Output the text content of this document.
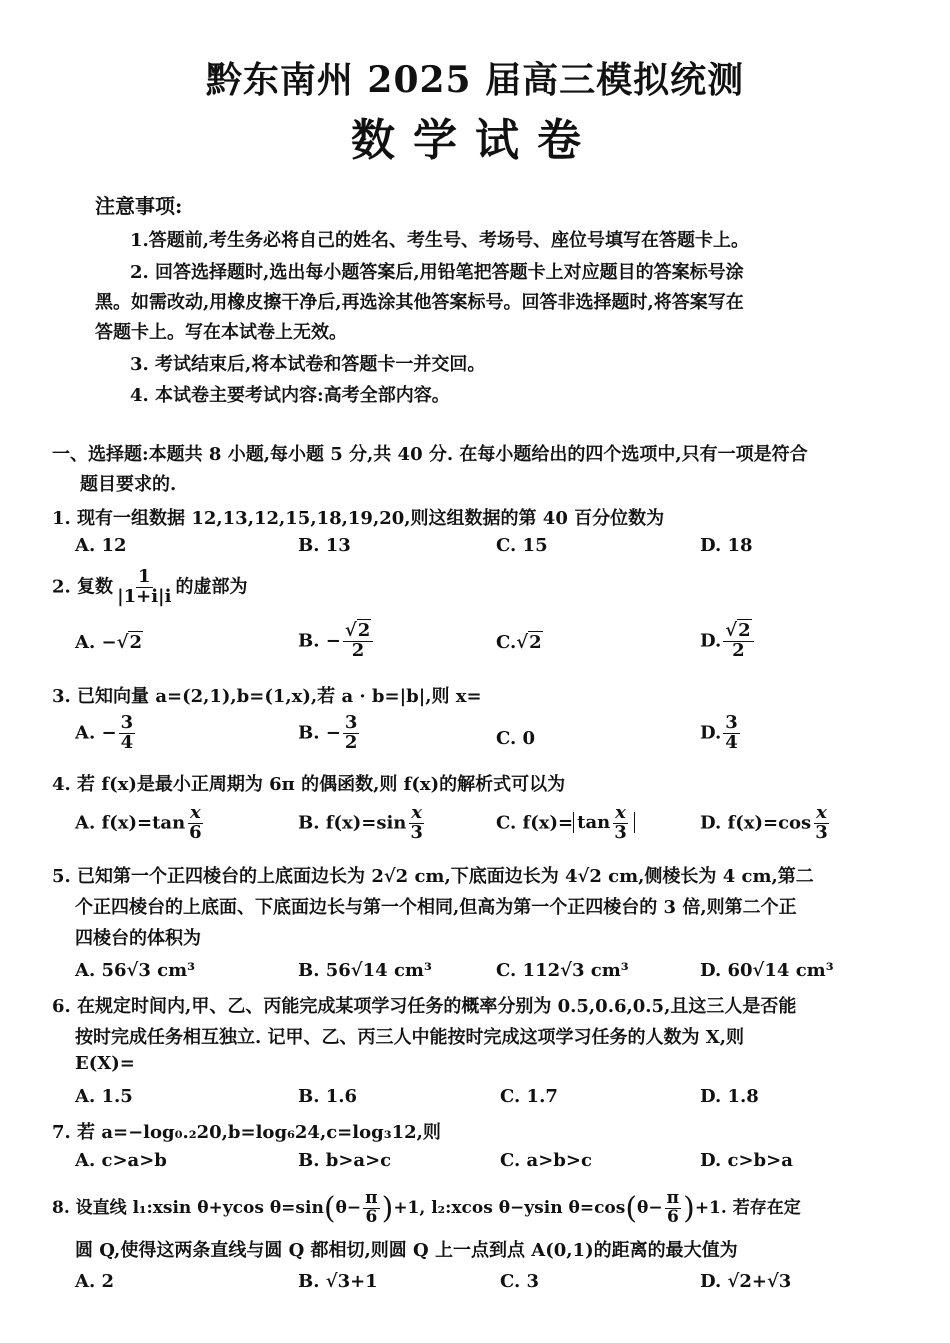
黔东南州 2025 届高三模拟统测
数学试卷
注意事项:
1.答题前,考生务必将自己的姓名、考生号、考场号、座位号填写在答题卡上。
2. 回答选择题时,选出每小题答案后,用铅笔把答题卡上对应题目的答案标号涂
黑。如需改动,用橡皮擦干净后,再选涂其他答案标号。回答非选择题时,将答案写在
答题卡上。写在本试卷上无效。
3. 考试结束后,将本试卷和答题卡一并交回。
4. 本试卷主要考试内容:高考全部内容。
一、选择题:本题共 8 小题,每小题 5 分,共 40 分. 在每小题给出的四个选项中,只有一项是符合
题目要求的.
1. 现有一组数据 12,13,12,15,18,19,20,则这组数据的第 40 百分位数为
A. 12	B. 13	C. 15	D. 18
2. 复数 $\frac{1}{|1+i|i}$ 的虚部为
A. −√2	B. − $\frac{√2}{2}$	C.√2	D. $\frac{√2}{2}$
3. 已知向量 a=(2,1),b=(1,x),若 a · b=|b|,则 x=
A. − $\frac{3}{4}$	B. − $\frac{3}{2}$	C. 0	D. $\frac{3}{4}$
4. 若 f(x)是最小正周期为 6π 的偶函数,则 f(x)的解析式可以为
A. $f(x)=\tan \frac{x}{6}$	B. $f(x)=\sin \frac{x}{3}$	C. $f(x)= \tan \frac{x}{3}$	D. $f(x)=\cos \frac{x}{3}$
5. 已知第一个正四棱台的上底面边长为 2√2 cm,下底面边长为 4√2 cm,侧棱长为 4 cm,第二
个正四棱台的上底面、下底面边长与第一个相同,但高为第一个正四棱台的 3 倍,则第二个正
四棱台的体积为
A. 56√3 cm³	B. 56√14 cm³	C. 112√3 cm³	D. 60√14 cm³
6. 在规定时间内,甲、乙、丙能完成某项学习任务的概率分别为 0.5,0.6,0.5,且这三人是否能
按时完成任务相互独立. 记甲、乙、丙三人中能按时完成这项学习任务的人数为 X,则
E(X)=
A. 1.5	B. 1.6	C. 1.7	D. 1.8
7. 若 a=−log₀.₂20,b=log₆24,c=log₃12,则
A. c>a>b	B. b>a>c	C. a>b>c	D. c>b>a
8. 设直线 l₁:xsin θ+ycos $\theta=\sin(\theta- \frac{\pi}{6} )+1$, l₂:xcos θ−ysin $\theta=\cos(\theta- \frac{\pi}{6} )+1$. 若存在定
圆 Q,使得这两条直线与圆 Q 都相切,则圆 Q 上一点到点 A(0,1)的距离的最大值为
A. 2	B. √3+1	C. 3	D. √2+√3
